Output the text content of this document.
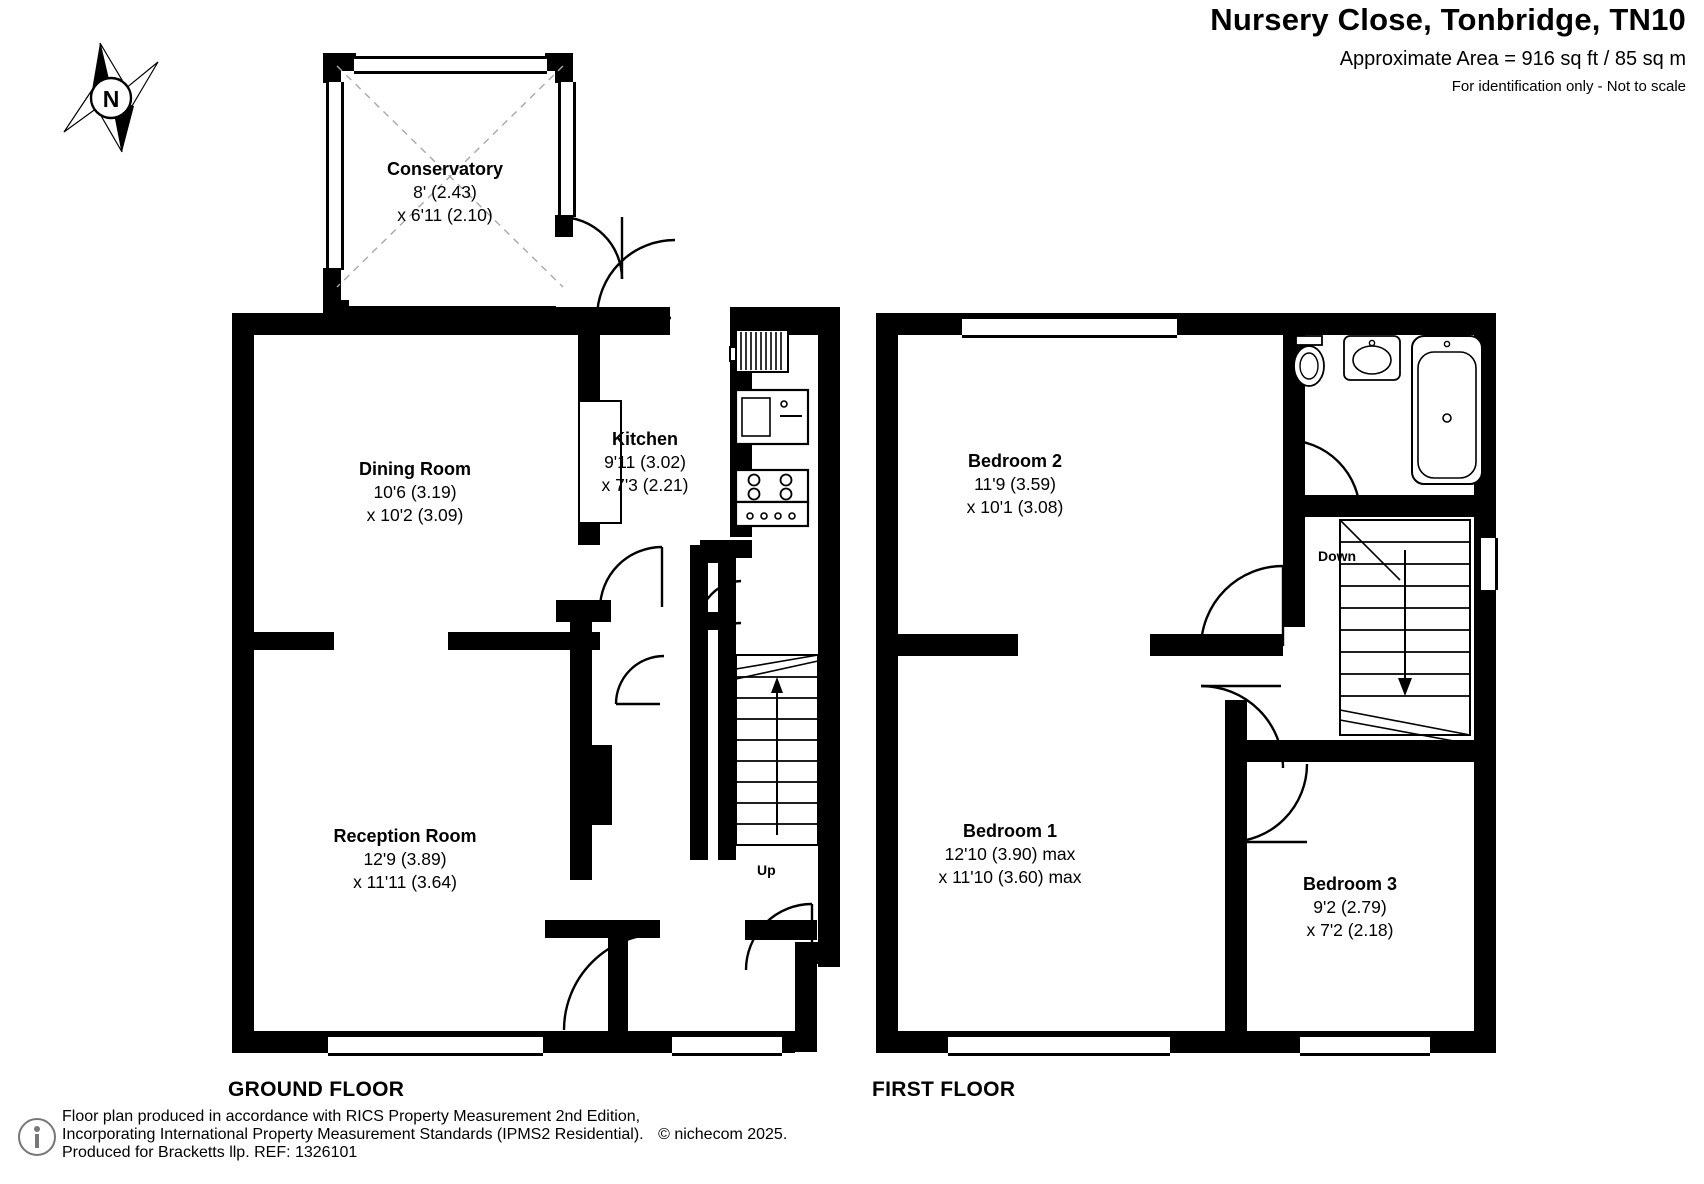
Nursery Close, Tonbridge, TN10
Approximate Area = 916 sq ft / 85 sq m
For identification only - Not to scale
N
Up
Conservatory
8' (2.43)
x 6'11 (2.10)
Dining Room
10'6 (3.19)
x 10'2 (3.09)
Kitchen
9'11 (3.02)
x 7'3 (2.21)
Reception Room
12'9 (3.89)
x 11'11 (3.64)
GROUND FLOOR
Down
Bedroom 2
11'9 (3.59)
x 10'1 (3.08)
Bedroom 1
12'10 (3.90) max
x 11'10 (3.60) max	Bedroom 3
9'2 (2.79)
x 7'2 (2.18)
FIRST FLOOR
Floor plan produced in accordance with RICS Property Measurement 2nd Edition,
Incorporating International Property Measurement Standards (IPMS2 Residential). © nichecom 2025.
Produced for Bracketts llp. REF: 1326101
